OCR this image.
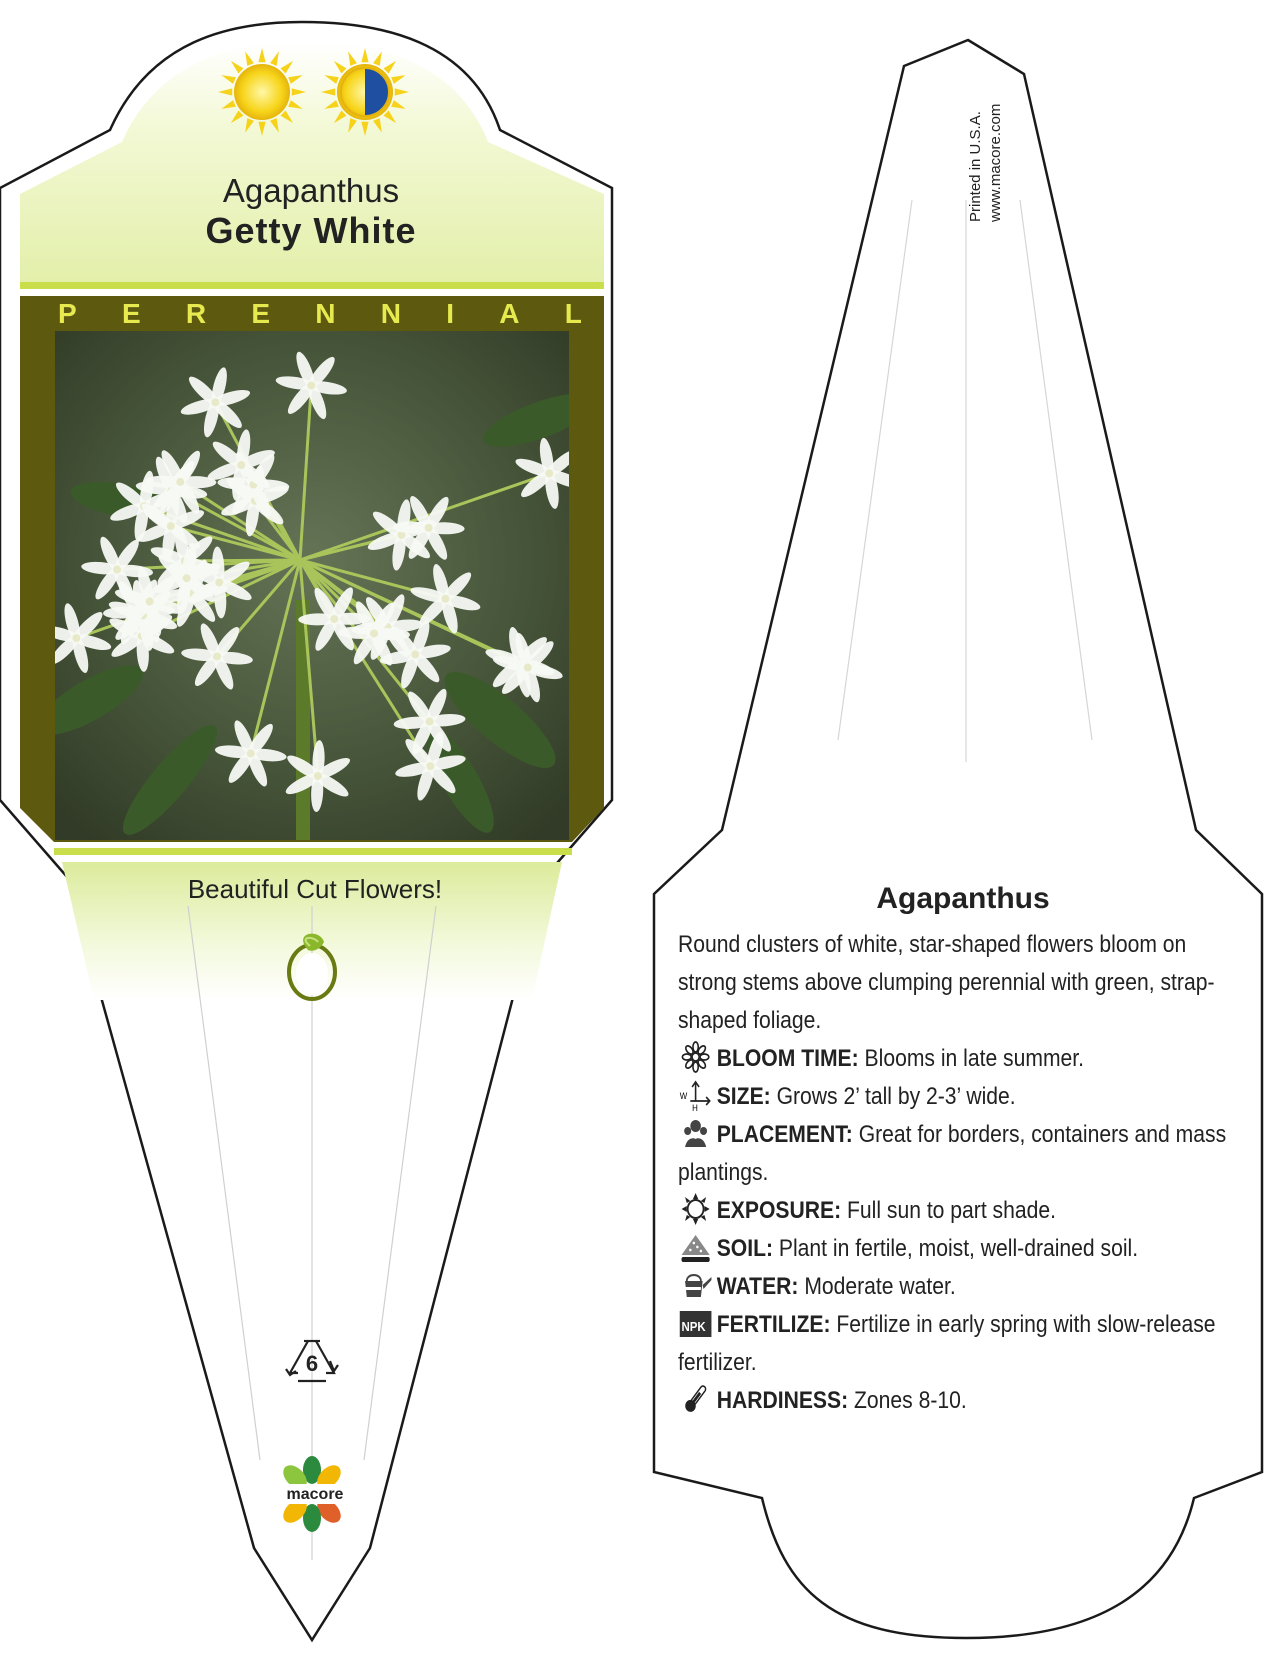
Agapanthus
Getty White
P E R E N N I A L
Beautiful Cut Flowers!
6
macore
Printed in U.S.A. www.macore.com
Agapanthus
Round clusters of white, star-shaped flowers bloom on strong stems above clumping perennial with green, strap-shaped foliage.
BLOOM TIME: Blooms in late summer.
W
H SIZE: Grows 2’ tall by 2-3’ wide.
PLACEMENT: Great for borders, containers and mass plantings.
EXPOSURE: Full sun to part shade.
SOIL: Plant in fertile, moist, well-drained soil.
WATER: Moderate water.
NPK FERTILIZE: Fertilize in early spring with slow-release fertilizer.
HARDINESS: Zones 8-10.
